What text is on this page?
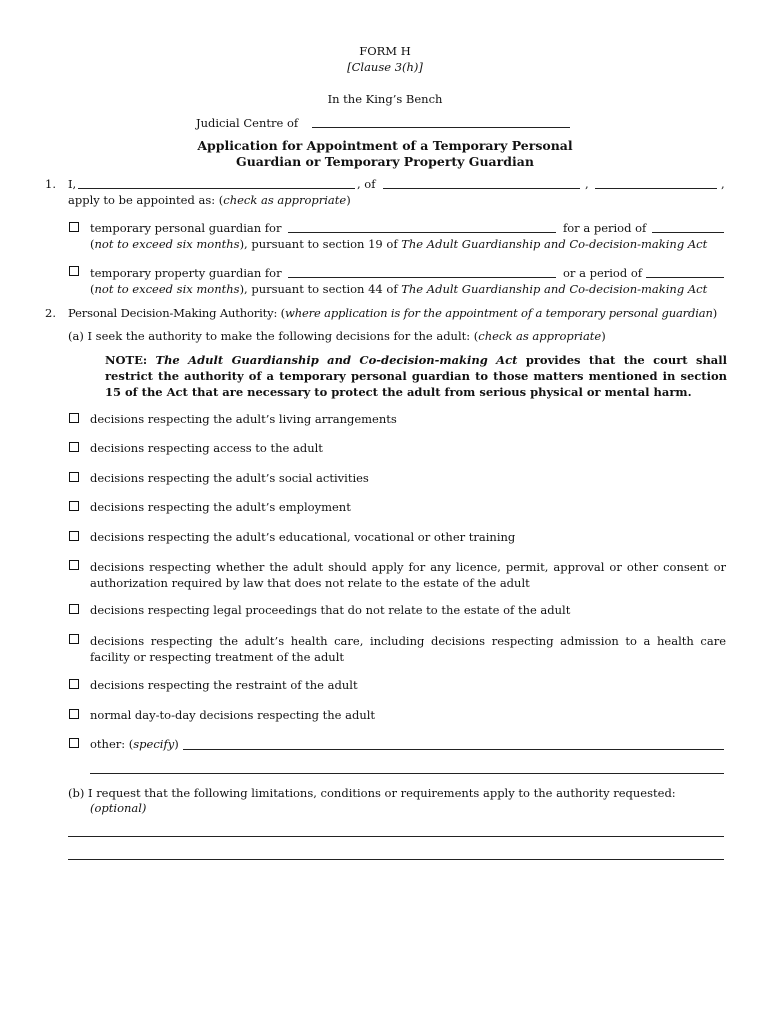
FORM H
[Clause 3(h)]
In the King’s Bench
Judicial Centre of
Application for Appointment of a Temporary Personal
Guardian or Temporary Property Guardian
1. I,	, of	,	,
apply to be appointed as: (check as appropriate)
temporary personal guardian for	for a period of
(not to exceed six months), pursuant to section 19 of The Adult Guardianship and Co-decision-making Act
temporary property guardian for	or a period of
(not to exceed six months), pursuant to section 44 of The Adult Guardianship and Co-decision-making Act
2. Personal Decision-Making Authority: (where application is for the appointment of a temporary personal guardian)
(a) I seek the authority to make the following decisions for the adult: (check as appropriate)
NOTE: The Adult Guardianship and Co-decision-making Act provides that the court shall restrict the authority of a temporary personal guardian to those matters mentioned in section 15 of the Act that are necessary to protect the adult from serious physical or mental harm.
decisions respecting the adult’s living arrangements
decisions respecting access to the adult
decisions respecting the adult’s social activities
decisions respecting the adult’s employment
decisions respecting the adult’s educational, vocational or other training
decisions respecting whether the adult should apply for any licence, permit, approval or other consent or authorization required by law that does not relate to the estate of the adult
decisions respecting legal proceedings that do not relate to the estate of the adult
decisions respecting the adult’s health care, including decisions respecting admission to a health care facility or respecting treatment of the adult
decisions respecting the restraint of the adult
normal day-to-day decisions respecting the adult
other: (specify)
(b) I request that the following limitations, conditions or requirements apply to the authority requested:
(optional)
